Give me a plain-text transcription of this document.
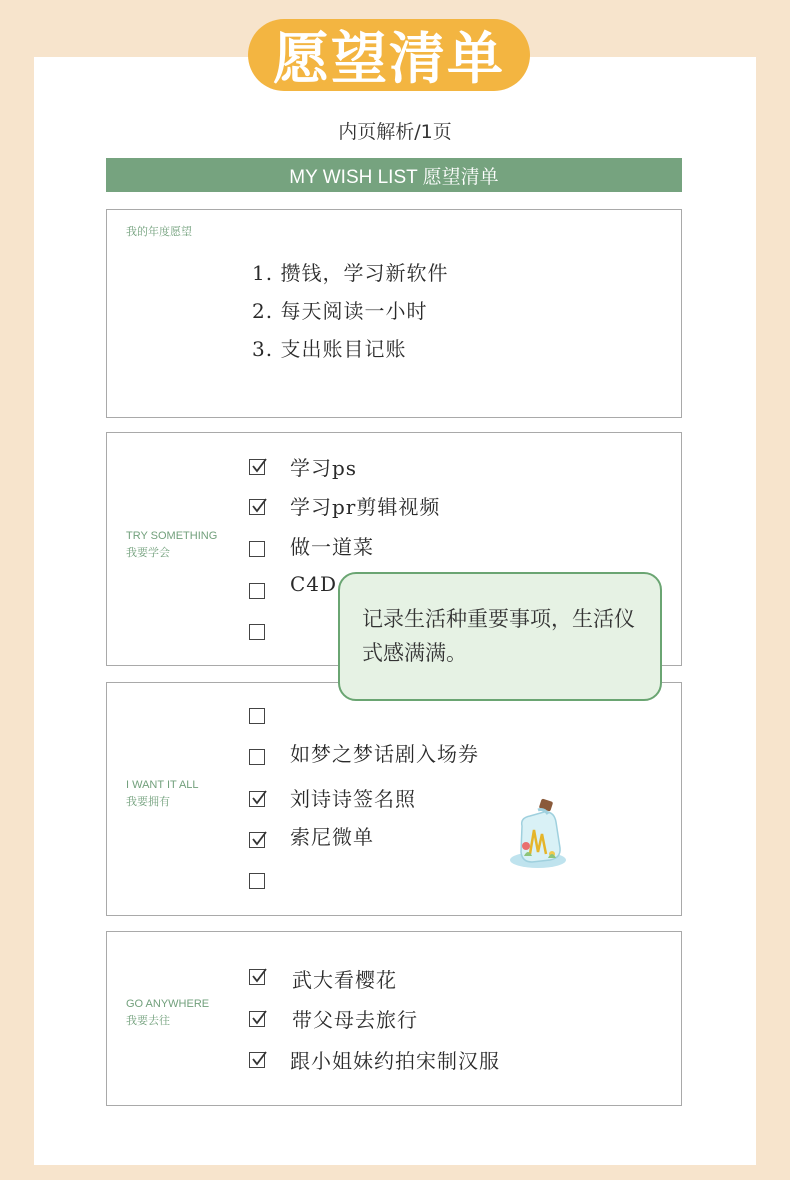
愿望清单
内页解析/1页
MY WISH LIST 愿望清单
我的年度愿望
1. 攒钱，学习新软件
2. 每天阅读一小时
3. 支出账目记账
TRY SOMETHING
我要学会
学习ps
学习pr剪辑视频
做一道菜
C4D
I WANT IT ALL
我要拥有
如梦之梦话剧入场券
刘诗诗签名照
索尼微单
GO ANYWHERE
我要去往
武大看樱花
带父母去旅行
跟小姐妹约拍宋制汉服
记录生活种重要事项，生活仪式感满满。
